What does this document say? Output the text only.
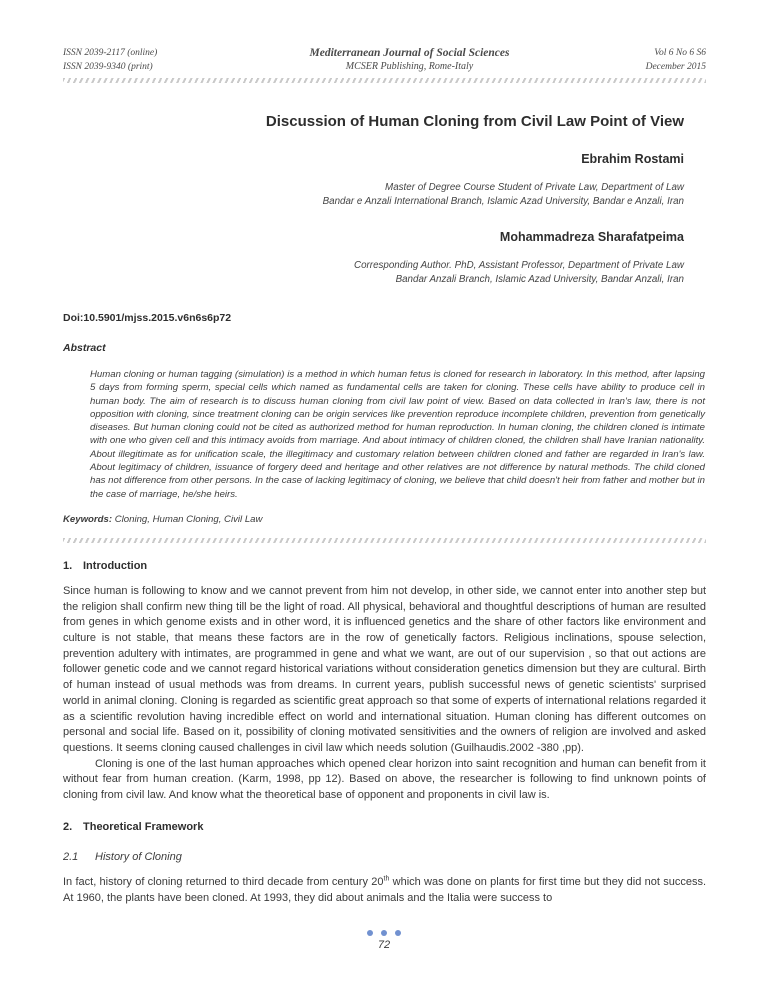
ISSN 2039-2117 (online)
ISSN 2039-9340 (print)
Mediterranean Journal of Social Sciences
MCSER Publishing, Rome-Italy
Vol 6 No 6 S6
December 2015
Discussion of Human Cloning from Civil Law Point of View
Ebrahim Rostami
Master of Degree Course Student of Private Law, Department of Law
Bandar e Anzali International Branch, Islamic Azad University, Bandar e Anzali, Iran
Mohammadreza Sharafatpeima
Corresponding Author. PhD, Assistant Professor, Department of Private Law
Bandar Anzali Branch, Islamic Azad University, Bandar Anzali, Iran
Doi:10.5901/mjss.2015.v6n6s6p72
Abstract
Human cloning or human tagging (simulation) is a method in which human fetus is cloned for research in laboratory. In this method, after lapsing 5 days from forming sperm, special cells which named as fundamental cells are taken for cloning. These cells have ability to produce cell in human body. The aim of research is to discuss human cloning from civil law point of view. Based on data collected in Iran's law, there is not opposition with cloning, since treatment cloning can be origin services like prevention reproduce incomplete children, prevention from genetically diseases. But human cloning could not be cited as authorized method for human reproduction. In human cloning, the children cloned is intimate with one who given cell and this intimacy avoids from marriage. And about intimacy of children cloned, the children shall have Iranian nationality. About illegitimate as for unification scale, the illegitimacy and customary relation between children cloned and father are regarded in Iran's law. About legitimacy of children, issuance of forgery deed and heritage and other relatives are not difference by natural methods. The child cloned has not difference from other persons. In the case of lacking legitimacy of cloning, we believe that child doesn't heir from father and mother but in the case of marriage, he/she heirs.
Keywords: Cloning, Human Cloning, Civil Law
1. Introduction

Since human is following to know and we cannot prevent from him not develop, in other side, we cannot enter into another step but the religion shall confirm new thing till be the light of road. All physical, behavioral and thoughtful descriptions of human are resulted from genes in which genome exists and in other word, it is influenced genetics and the share of other factors like environment and culture is not stable, that means these factors are in the row of genetically factors. Religious inclinations, spouse selection, prevention adultery with intimates, are programmed in gene and what we want, are out of our supervision , so that out actions are follower genetic code and we cannot regard historical variations without consideration genetics dimension but they are cultural. Birth of human instead of usual methods was from dreams. In current years, publish successful news of genetic scientists' surprised world in animal cloning. Cloning is regarded as scientific great approach so that some of experts of international relations regarded it as a scientific revolution having incredible effect on world and international situation. Human cloning has different outcomes on personal and social life. Based on it, possibility of cloning motivated sensitivities and the owners of religion are involved and asked questions. It seems cloning caused challenges in civil law which needs solution (Guilhaudis.2002 -380 ,pp).

Cloning is one of the last human approaches which opened clear horizon into saint recognition and human can benefit from it without fear from human creation. (Karm, 1998, pp 12). Based on above, the researcher is following to find unknown points of cloning from civil law. And know what the theoretical base of opponent and proponents in civil law is.

2. Theoretical Framework
2.1 History of Cloning

In fact, history of cloning returned to third decade from century 20th which was done on plants for first time but they did not success. At 1960, the plants have been cloned. At 1993, they did about animals and the Italia were success to

72
